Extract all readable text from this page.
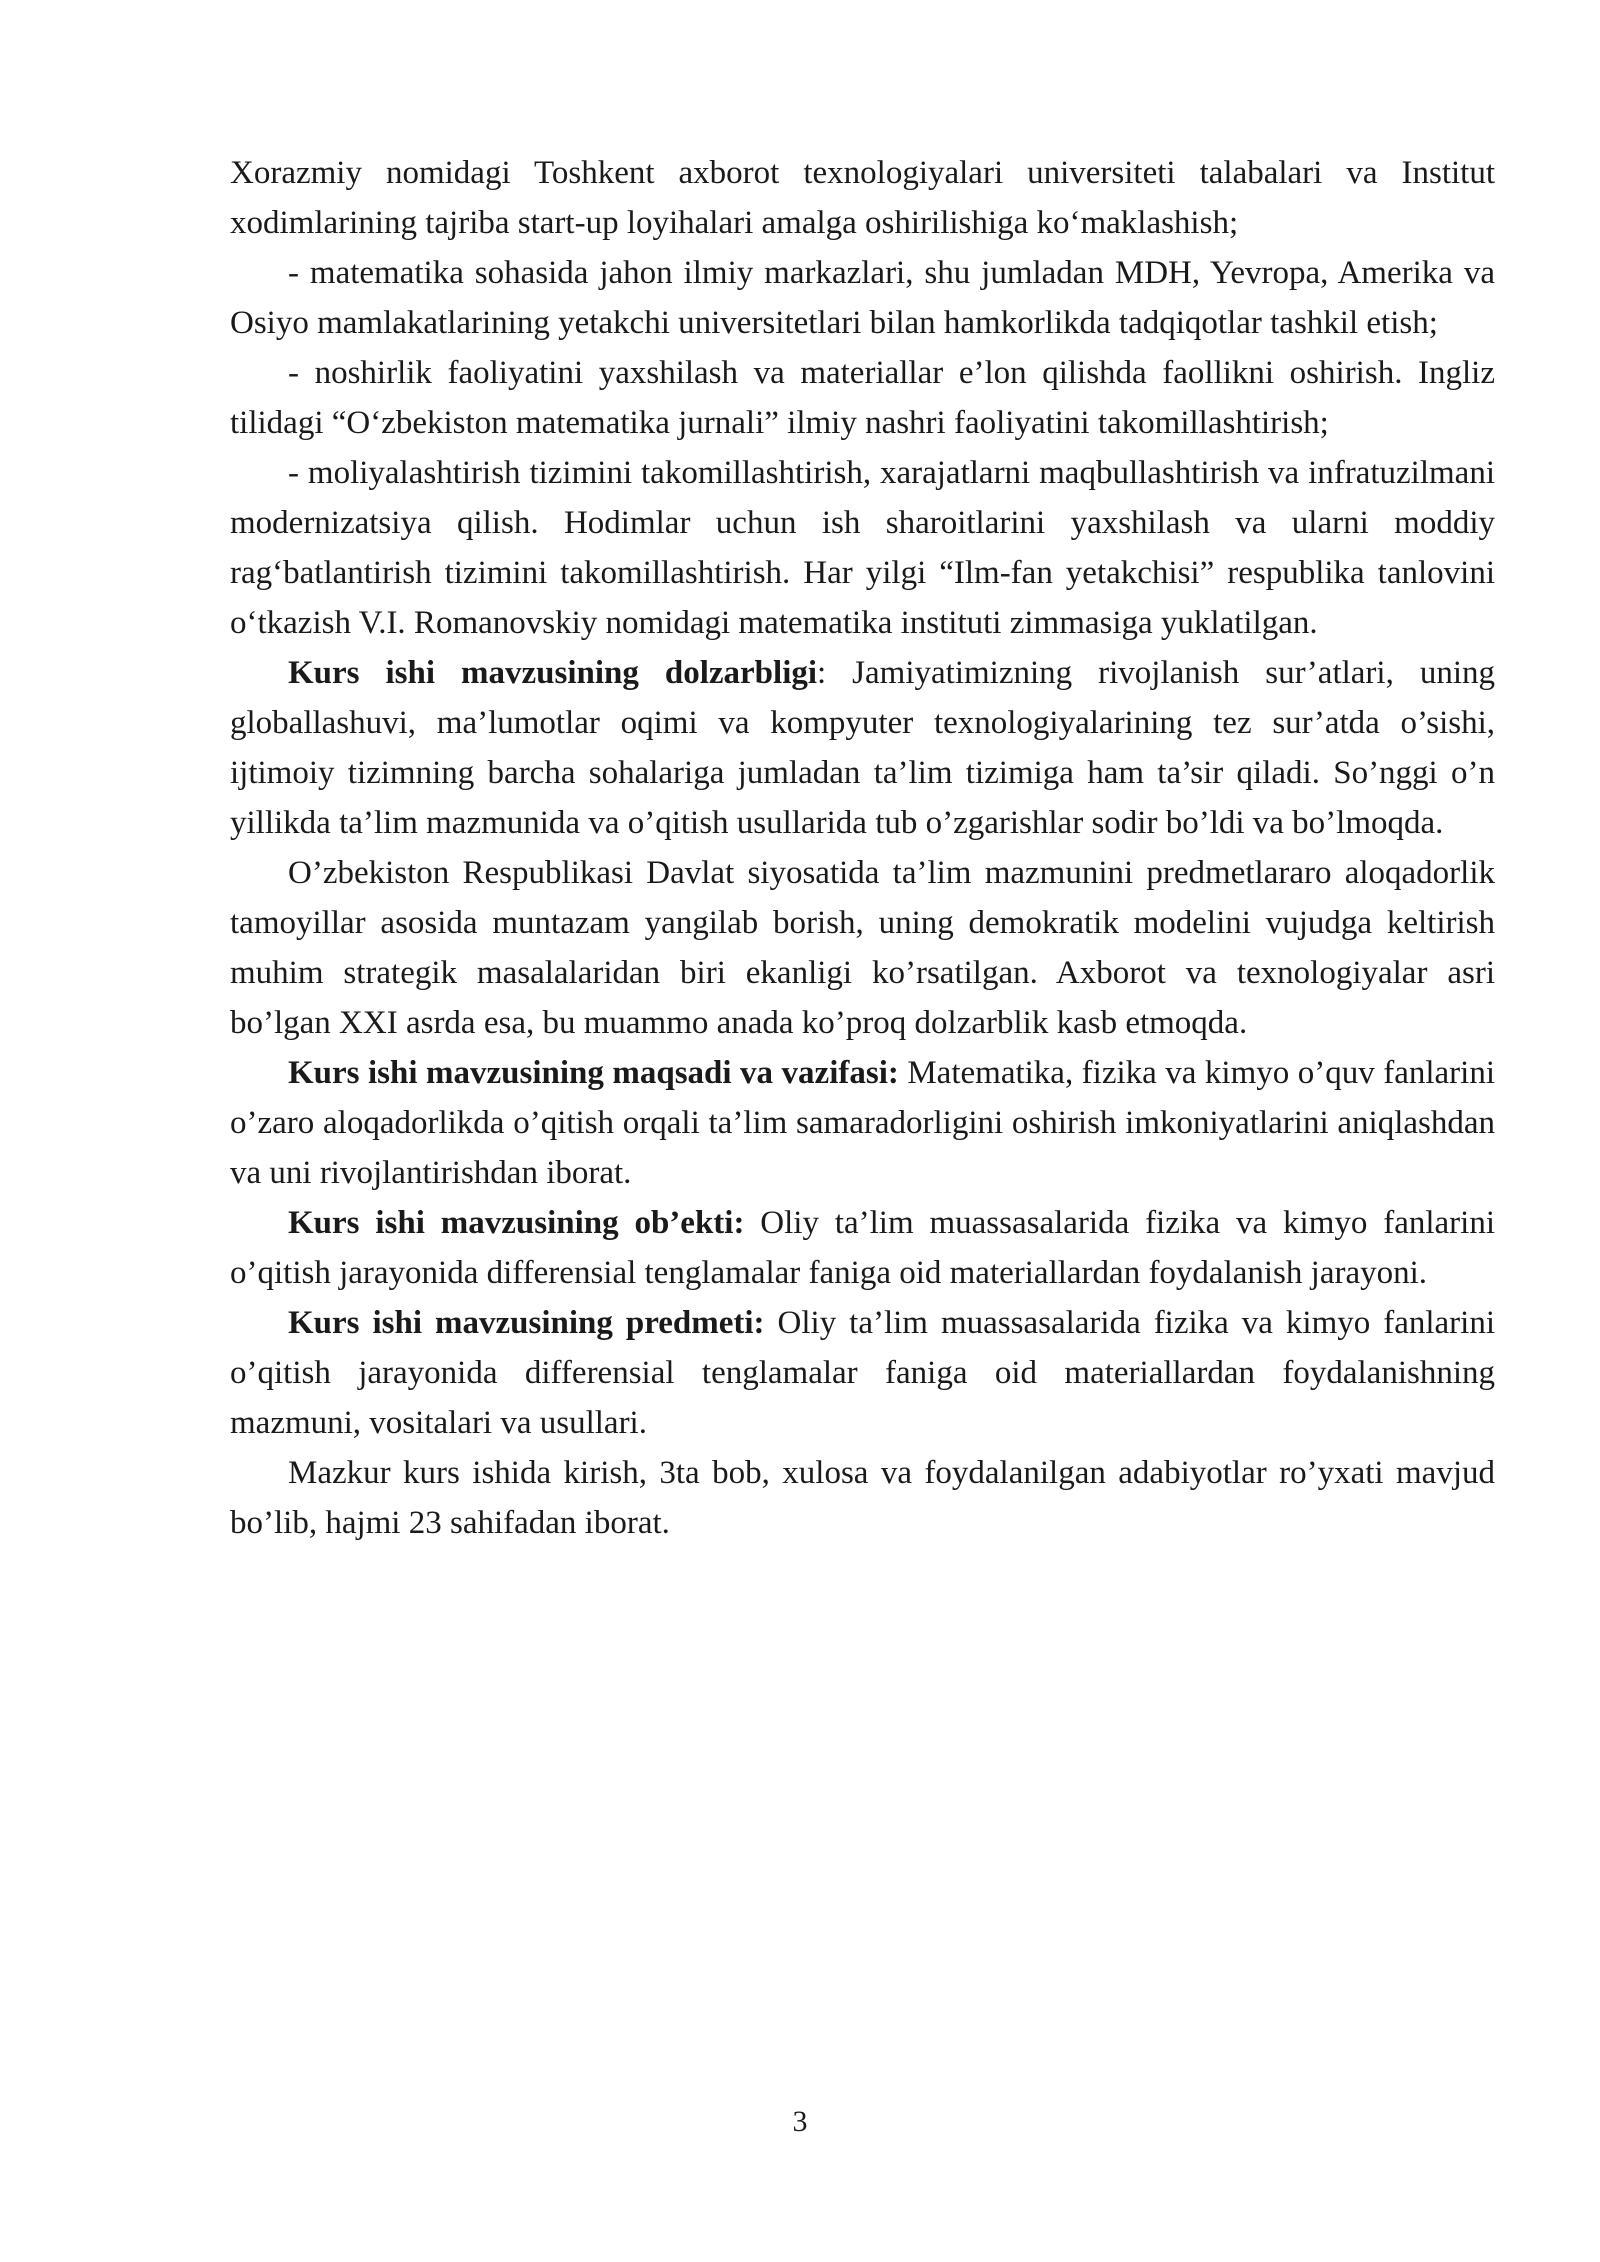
Xorazmiy nomidagi Toshkent axborot texnologiyalari universiteti talabalari va Institut xodimlarining tajriba start-up loyihalari amalga oshirilishiga ko‘maklashish;

- matematika sohasida jahon ilmiy markazlari, shu jumladan MDH, Yevropa, Amerika va Osiyo mamlakatlarining yetakchi universitetlari bilan hamkorlikda tadqiqotlar tashkil etish;

- noshirlik faoliyatini yaxshilash va materiallar e’lon qilishda faollikni oshirish. Ingliz tilidagi “O‘zbekiston matematika jurnali” ilmiy nashri faoliyatini takomillashtirish;

- moliyalashtirish tizimini takomillashtirish, xarajatlarni maqbullashtirish va infratuzilmani modernizatsiya qilish. Hodimlar uchun ish sharoitlarini yaxshilash va ularni moddiy rag‘batlantirish tizimini takomillashtirish. Har yilgi “Ilm-fan yetakchisi” respublika tanlovini o‘tkazish V.I. Romanovskiy nomidagi matematika instituti zimmasiga yuklatilgan.

Kurs ishi mavzusining dolzarbligi: Jamiyatimizning rivojlanish sur’atlari, uning globallashuvi, ma’lumotlar oqimi va kompyuter texnologiyalarining tez sur’atda o’sishi, ijtimoiy tizimning barcha sohalariga jumladan ta’lim tizimiga ham ta’sir qiladi. So’nggi o’n yillikda ta’lim mazmunida va o’qitish usullarida tub o’zgarishlar sodir bo’ldi va bo’lmoqda.

O’zbekiston Respublikasi Davlat siyosatida ta’lim mazmunini predmetlararo aloqadorlik tamoyillar asosida muntazam yangilab borish, uning demokratik modelini vujudga keltirish muhim strategik masalalaridan biri ekanligi ko’rsatilgan. Axborot va texnologiyalar asri bo’lgan XXI asrda esa, bu muammo anada ko’proq dolzarblik kasb etmoqda.

Kurs ishi mavzusining maqsadi va vazifasi: Matematika, fizika va kimyo o’quv fanlarini o’zaro aloqadorlikda o’qitish orqali ta’lim samaradorligini oshirish imkoniyatlarini aniqlashdan va uni rivojlantirishdan iborat.

Kurs ishi mavzusining ob’ekti: Oliy ta’lim muassasalarida fizika va kimyo fanlarini o’qitish jarayonida differensial tenglamalar faniga oid materiallardan foydalanish jarayoni.

Kurs ishi mavzusining predmeti: Oliy ta’lim muassasalarida fizika va kimyo fanlarini o’qitish jarayonida differensial tenglamalar faniga oid materiallardan foydalanishning mazmuni, vositalari va usullari.

Mazkur kurs ishida kirish, 3ta bob, xulosa va foydalanilgan adabiyotlar ro’yxati mavjud bo’lib, hajmi 23 sahifadan iborat.

3
